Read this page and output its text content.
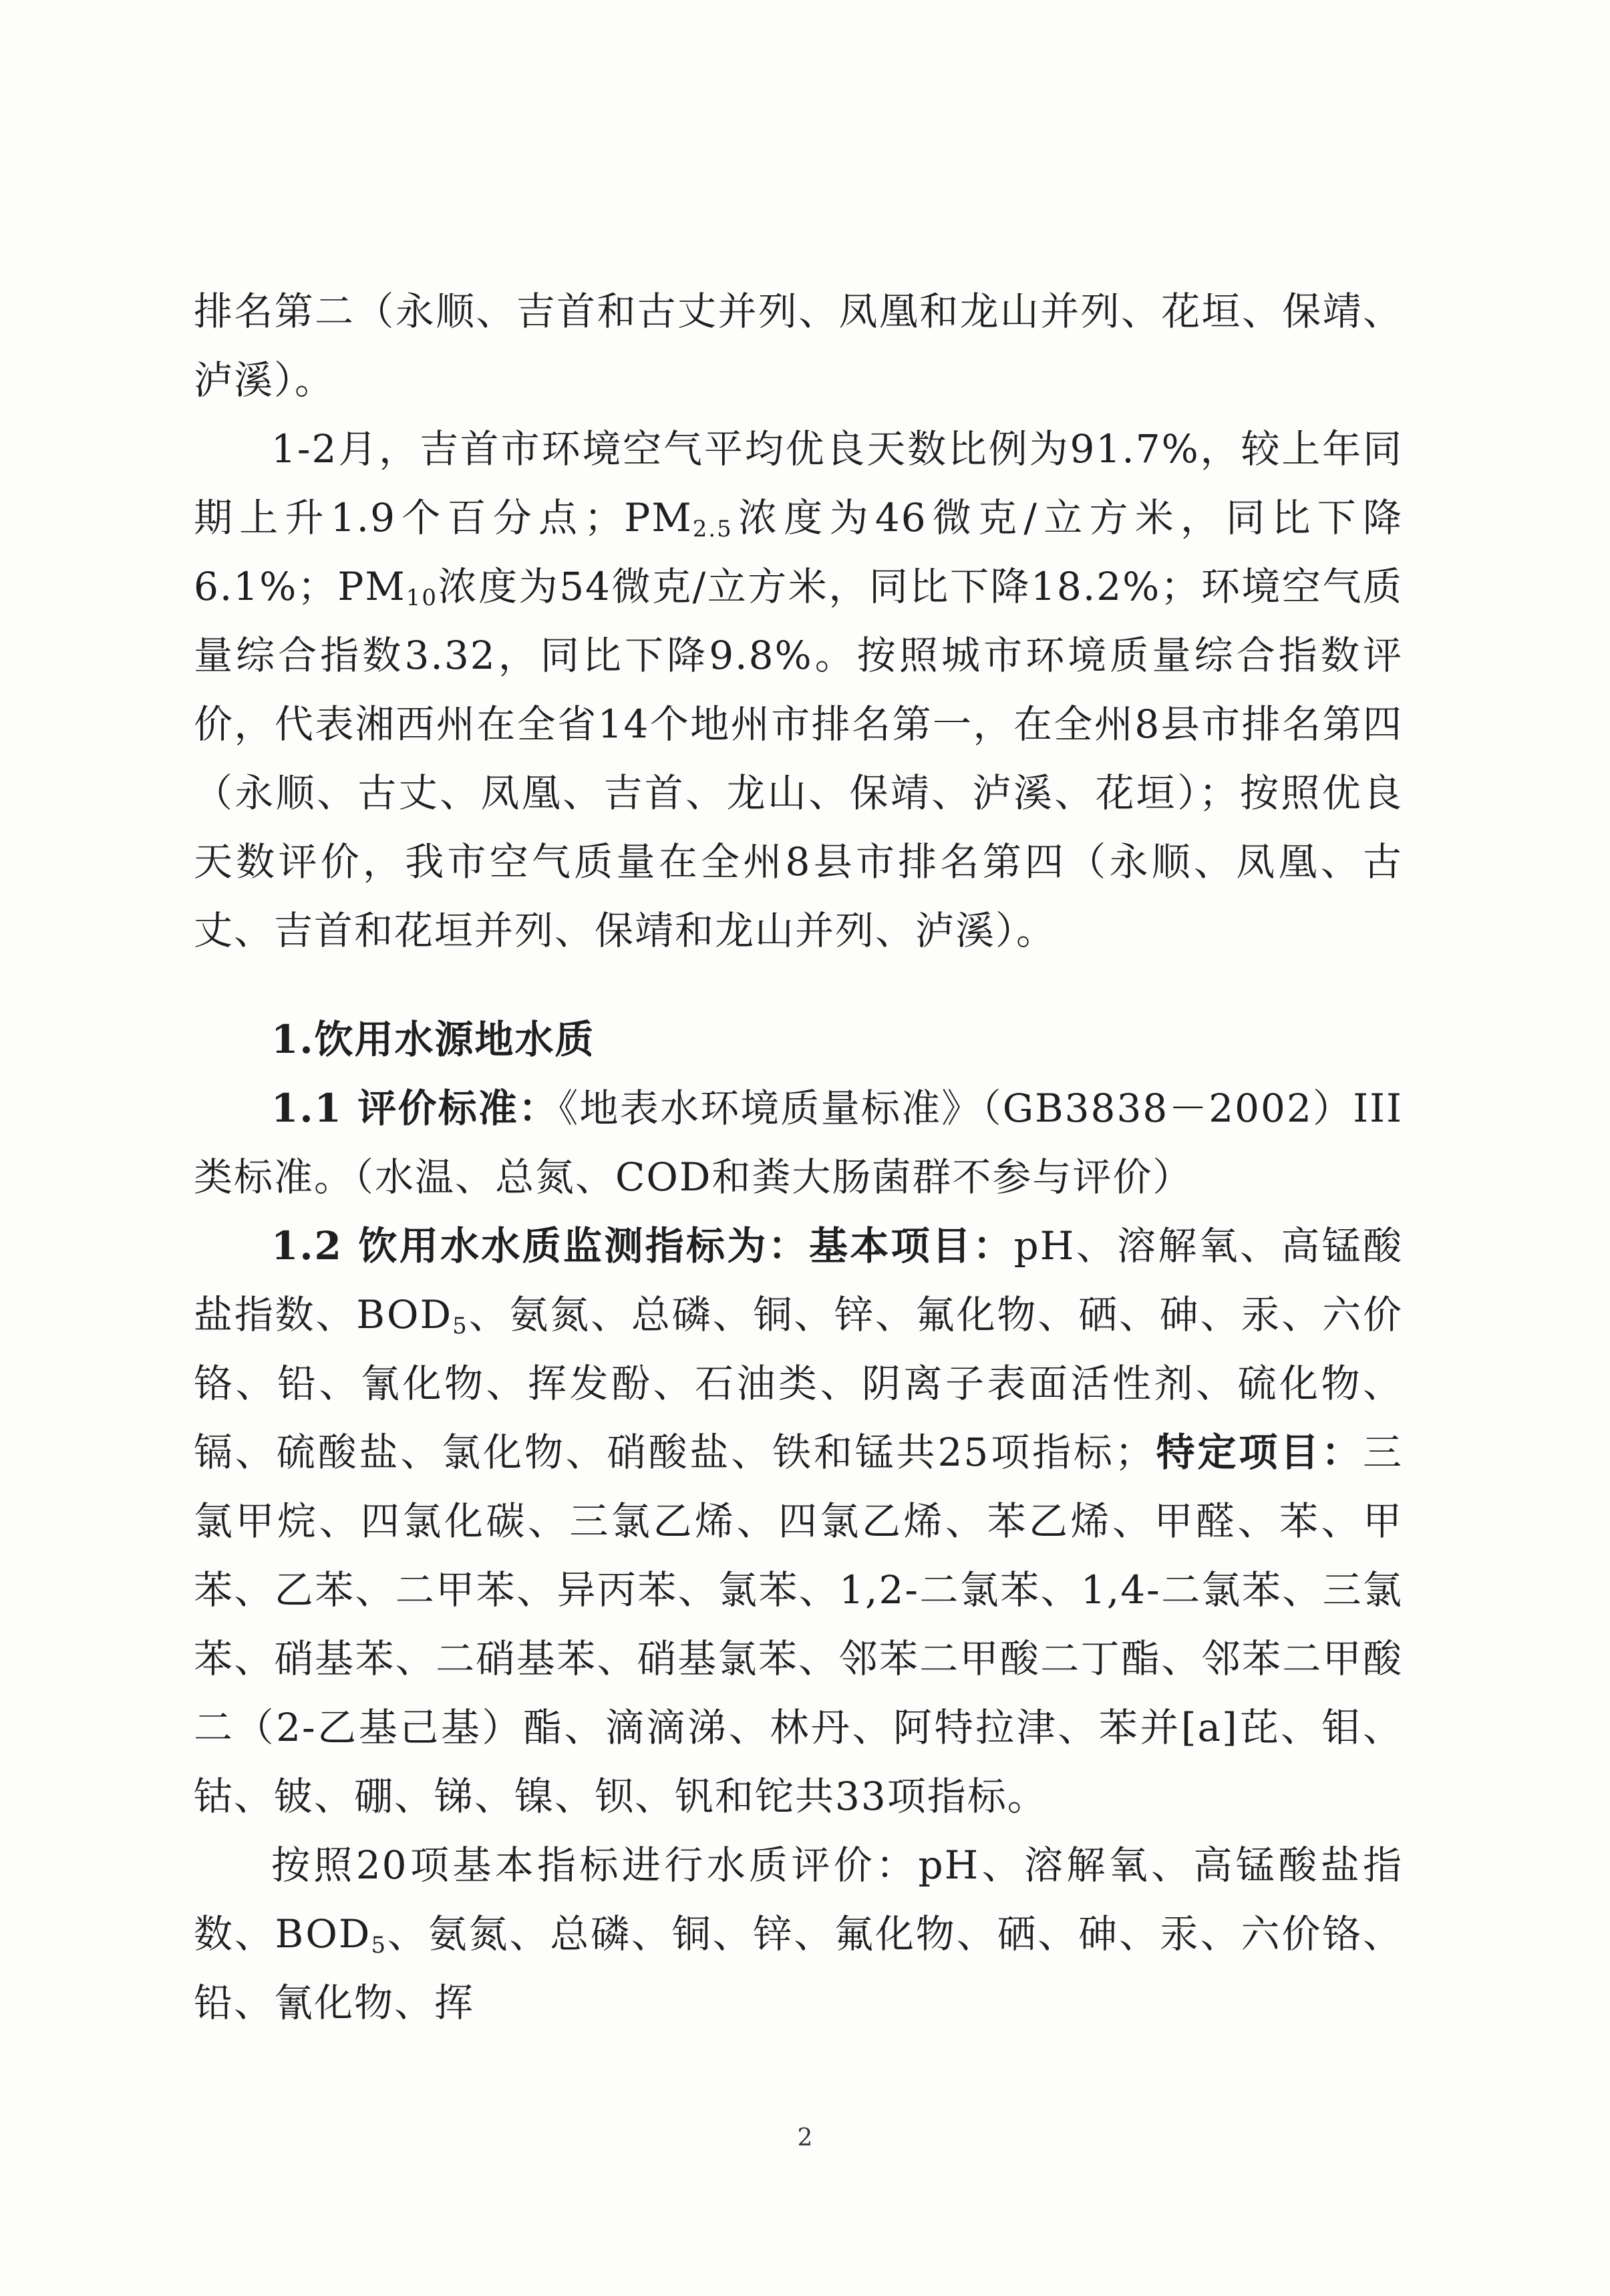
排名第二（永顺、吉首和古丈并列、凤凰和龙山并列、花垣、保靖、泸溪）。

1-2月，吉首市环境空气平均优良天数比例为91.7%，较上年同期上升1.9个百分点；$PM_{2.5}$浓度为46微克/立方米，同比下降6.1%；$PM_{10}$浓度为54微克/立方米，同比下降18.2%；环境空气质量综合指数3.32，同比下降9.8%。按照城市环境质量综合指数评价，代表湘西州在全省14个地州市排名第一，在全州8县市排名第四（永顺、古丈、凤凰、吉首、龙山、保靖、泸溪、花垣）；按照优良天数评价，我市空气质量在全州8县市排名第四（永顺、凤凰、古丈、吉首和花垣并列、保靖和龙山并列、泸溪）。

1.饮用水源地水质

1.1 评价标准：《地表水环境质量标准》（GB3838－2002）III类标准。（水温、总氮、COD和粪大肠菌群不参与评价）

1.2 饮用水水质监测指标为：基本项目：pH、溶解氧、高锰酸盐指数、$BOD_5$、氨氮、总磷、铜、锌、氟化物、硒、砷、汞、六价铬、铅、氰化物、挥发酚、石油类、阴离子表面活性剂、硫化物、镉、硫酸盐、氯化物、硝酸盐、铁和锰共25项指标；特定项目：三氯甲烷、四氯化碳、三氯乙烯、四氯乙烯、苯乙烯、甲醛、苯、甲苯、乙苯、二甲苯、异丙苯、氯苯、1,2-二氯苯、1,4-二氯苯、三氯苯、硝基苯、二硝基苯、硝基氯苯、邻苯二甲酸二丁酯、邻苯二甲酸二（2-乙基己基）酯、滴滴涕、林丹、阿特拉津、苯并[a]芘、钼、钴、铍、硼、锑、镍、钡、钒和铊共33项指标。

按照20项基本指标进行水质评价：pH、溶解氧、高锰酸盐指数、$BOD_5$、氨氮、总磷、铜、锌、氟化物、硒、砷、汞、六价铬、铅、氰化物、挥

2
